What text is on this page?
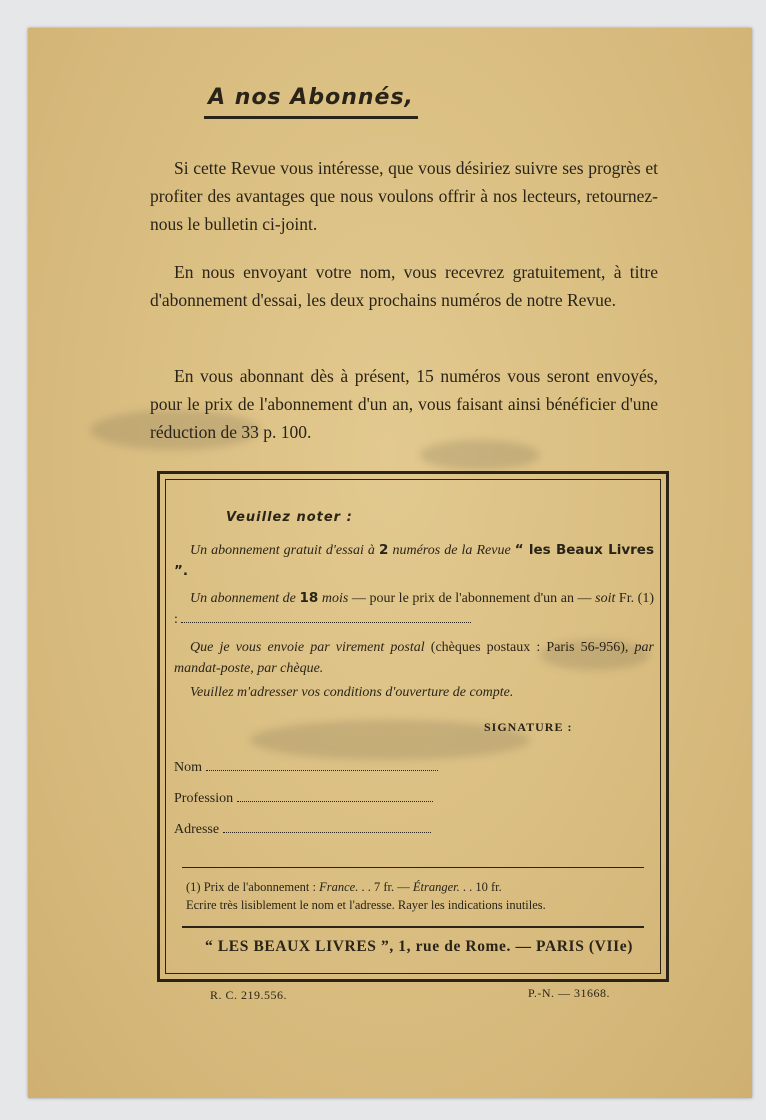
A nos Abonnés,

Si cette Revue vous intéresse, que vous désiriez suivre ses progrès et profiter des avantages que nous voulons offrir à nos lecteurs, retournez-nous le bulletin ci-joint.

En nous envoyant votre nom, vous recevrez gratuitement, à titre d'abonnement d'essai, les deux prochains numéros de notre Revue.

En vous abonnant dès à présent, 15 numéros vous seront envoyés, pour le prix de l'abonnement d'un an, vous faisant ainsi bénéficier d'une réduction de 33 p. 100.

Veuillez noter :
Un abonnement gratuit d'essai à 2 numéros de la Revue “ les Beaux Livres ”.
Un abonnement de 18 mois — pour le prix de l'abonnement d'un an — soit Fr. (1) :
Que je vous envoie par virement postal (chèques postaux : Paris 56-956), par mandat-poste, par chèque.
Veuillez m'adresser vos conditions d'ouverture de compte.
SIGNATURE :
Nom
Profession
Adresse
(1) Prix de l'abonnement : France. . . 7 fr. — Étranger. . . 10 fr.
Ecrire très lisiblement le nom et l'adresse. Rayer les indications inutiles.
“ LES BEAUX LIVRES ”, 1, rue de Rome. — PARIS (VIIe)
R. C. 219.556.	P.-N. — 31668.
